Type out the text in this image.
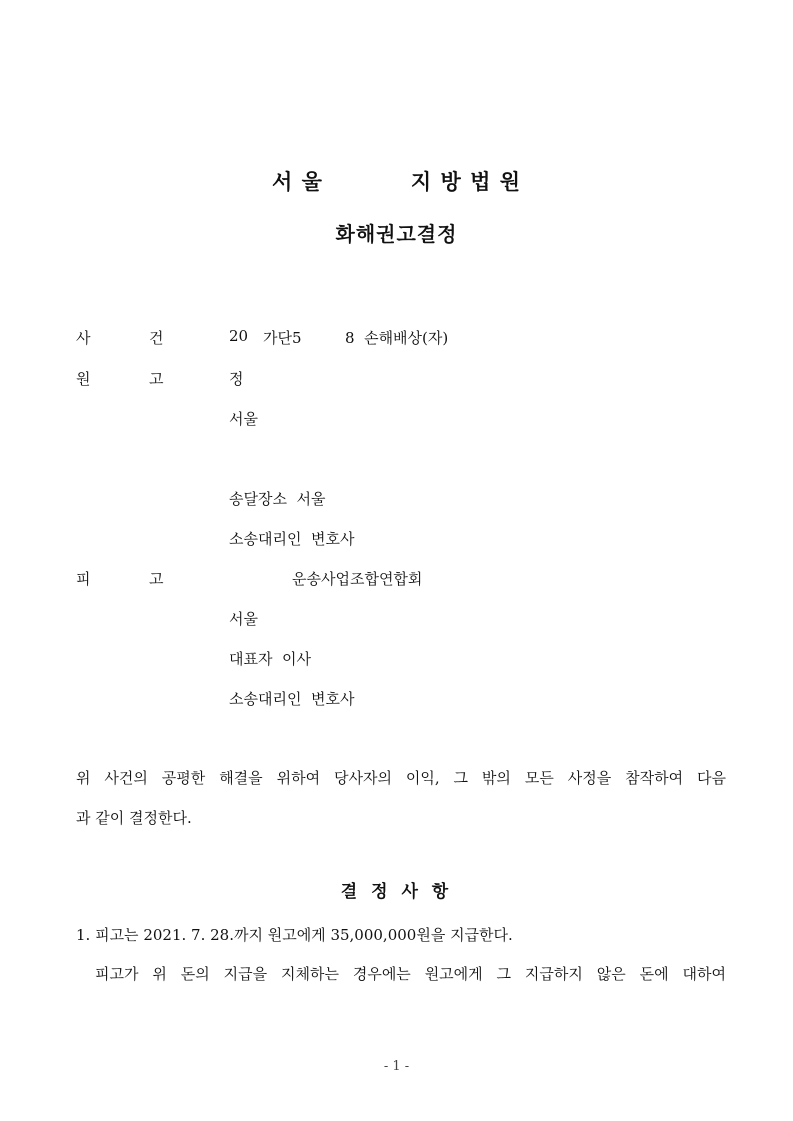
서 울	지 방 법 원
화해권고결정
사	건	20 가단5	8  손해배상(자)
원	고	정
서울
송달장소  서울
소송대리인  변호사
피	고	운송사업조합연합회
서울
대표자  이사
소송대리인  변호사
위 사건의 공평한 해결을 위하여 당사자의 이익, 그 밖의 모든 사정을 참작하여 다음
과 같이 결정한다.
결 정 사 항
1. 피고는 2021. 7. 28.까지 원고에게 35,000,000원을 지급한다.
피고가 위 돈의 지급을 지체하는 경우에는 원고에게 그 지급하지 않은 돈에 대하여
- 1 -
